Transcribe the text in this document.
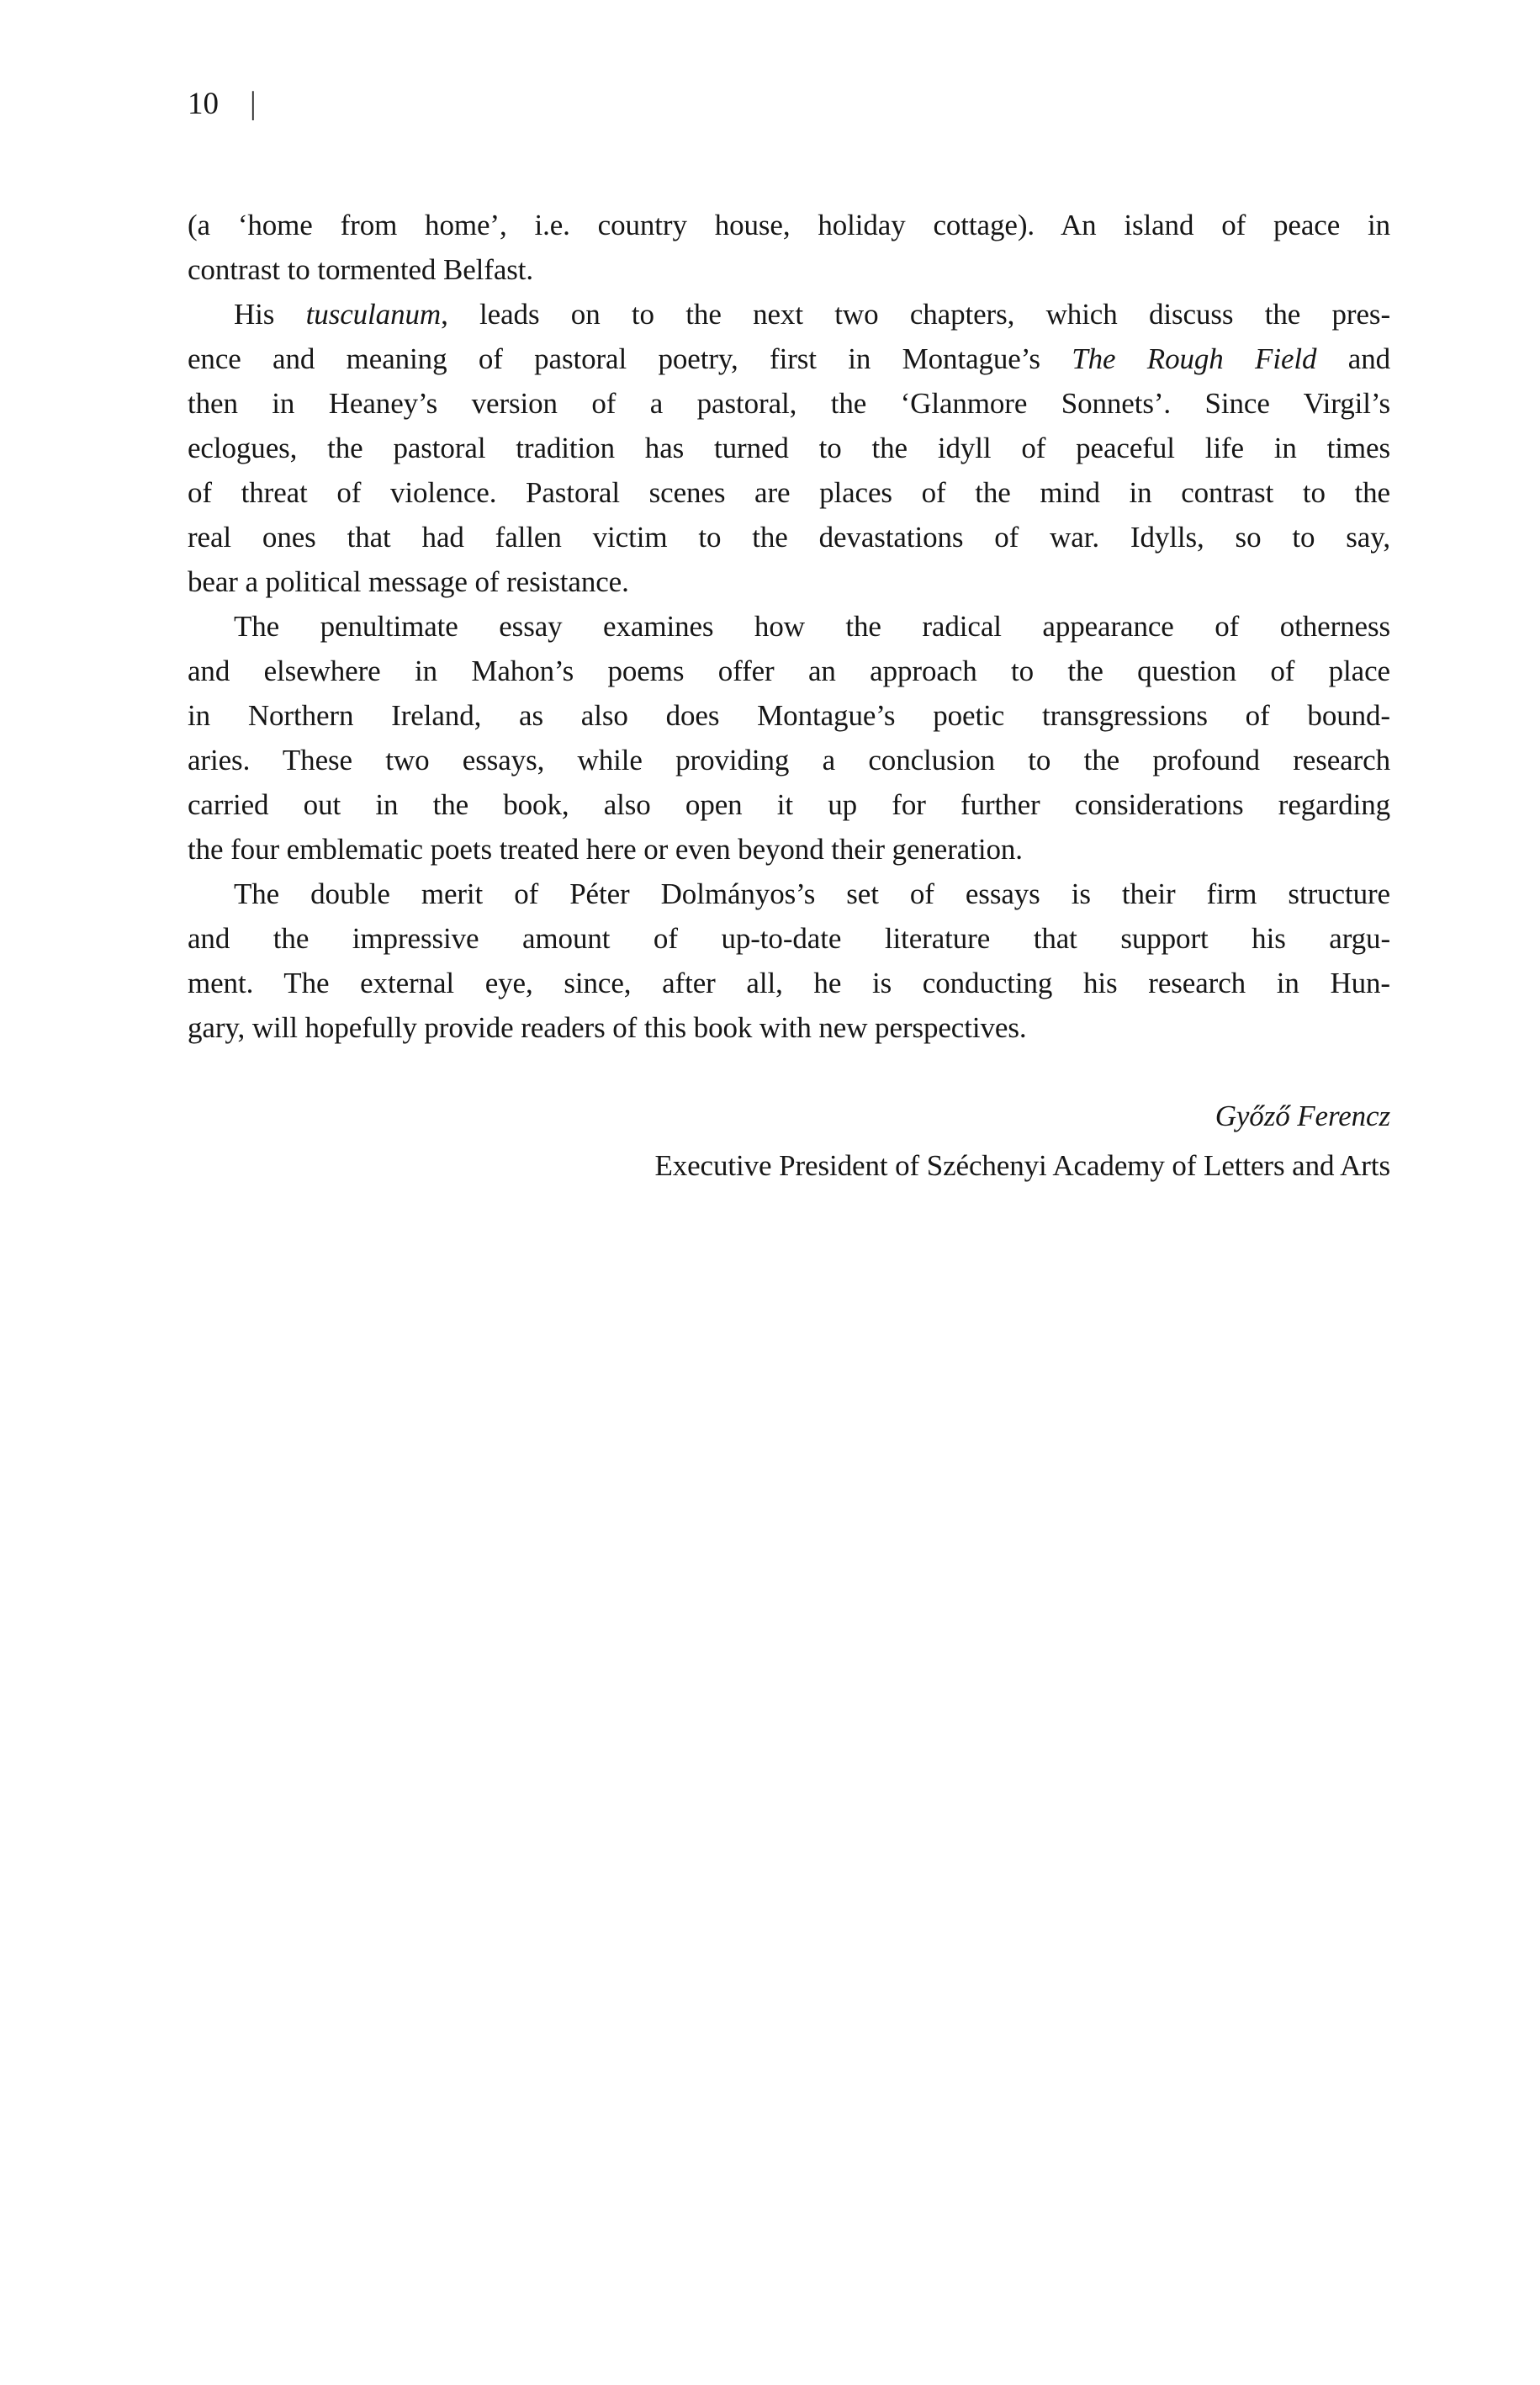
10 |
(a ‘home from home’, i.e. country house, holiday cottage). An island of peace in
contrast to tormented Belfast.
His tusculanum, leads on to the next two chapters, which discuss the pres-
ence and meaning of pastoral poetry, first in Montague’s The Rough Field and
then in Heaney’s version of a pastoral, the ‘Glanmore Sonnets’. Since Virgil’s
eclogues, the pastoral tradition has turned to the idyll of peaceful life in times
of threat of violence. Pastoral scenes are places of the mind in contrast to the
real ones that had fallen victim to the devastations of war. Idylls, so to say,
bear a political message of resistance.
The penultimate essay examines how the radical appearance of otherness
and elsewhere in Mahon’s poems offer an approach to the question of place
in Northern Ireland, as also does Montague’s poetic transgressions of bound-
aries. These two essays, while providing a conclusion to the profound research
carried out in the book, also open it up for further considerations regarding
the four emblematic poets treated here or even beyond their generation.
The double merit of Péter Dolmányos’s set of essays is their firm structure
and the impressive amount of up-to-date literature that support his argu-
ment. The external eye, since, after all, he is conducting his research in Hun-
gary, will hopefully provide readers of this book with new perspectives.
Győző Ferencz
Executive President of Széchenyi Academy of Letters and Arts
